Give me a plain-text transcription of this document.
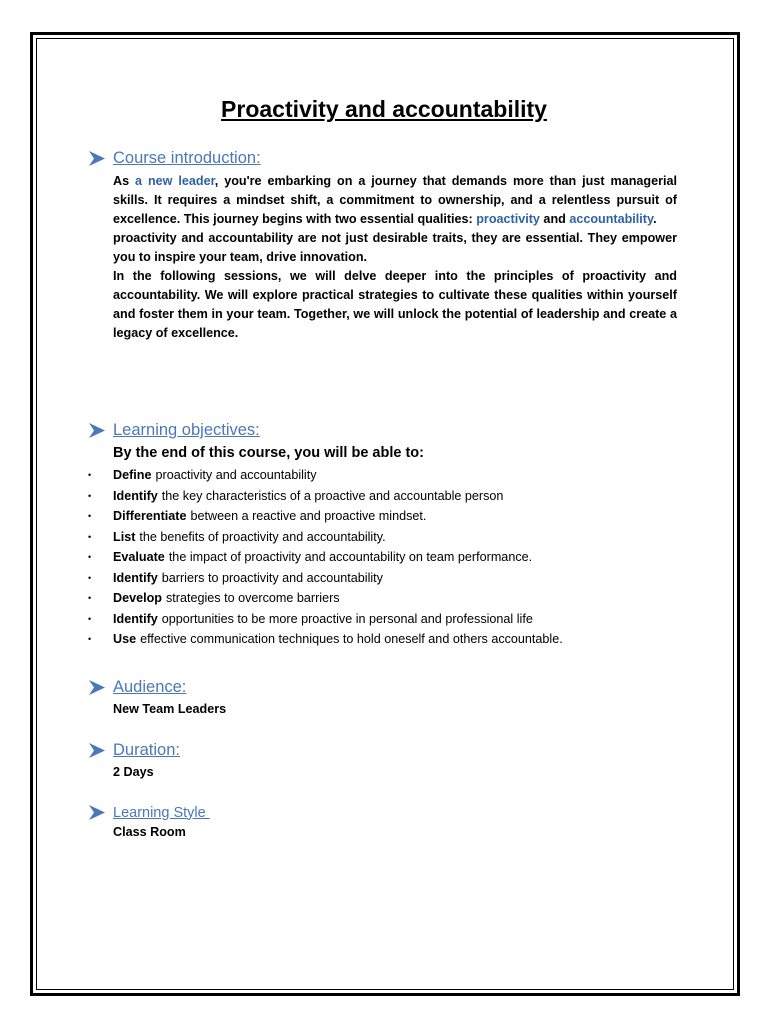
Proactivity and accountability
Course introduction:
As a new leader, you're embarking on a journey that demands more than just managerial skills. It requires a mindset shift, a commitment to ownership, and a relentless pursuit of excellence. This journey begins with two essential qualities: proactivity and accountability.
proactivity and accountability are not just desirable traits, they are essential. They empower you to inspire your team, drive innovation.
In the following sessions, we will delve deeper into the principles of proactivity and accountability. We will explore practical strategies to cultivate these qualities within yourself and foster them in your team. Together, we will unlock the potential of leadership and create a legacy of excellence.
Learning objectives:

By the end of this course, you will be able to:

•	Define proactivity and accountability
•	Identify the key characteristics of a proactive and accountable person
•	Differentiate between a reactive and proactive mindset.
•	List the benefits of proactivity and accountability.
•	Evaluate the impact of proactivity and accountability on team performance.
•	Identify barriers to proactivity and accountability
•	Develop strategies to overcome barriers
•	Identify opportunities to be more proactive in personal and professional life
•	Use effective communication techniques to hold oneself and others accountable.
Audience:

New Team Leaders

Duration:

2 Days

Learning Style

Class Room
